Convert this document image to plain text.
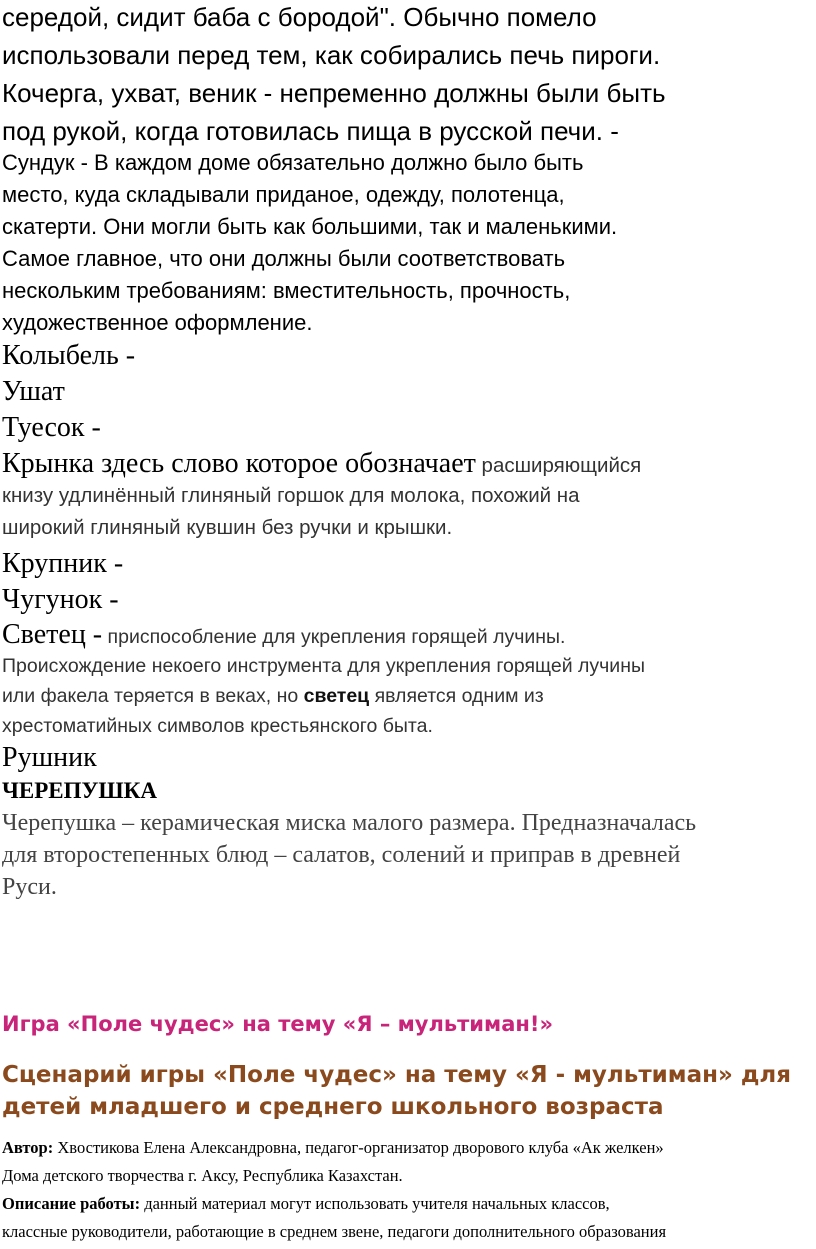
середой, сидит баба с бородой". Обычно помело

использовали перед тем, как собирались печь пироги.

Кочерга, ухват, веник - непременно должны были быть

под рукой, когда готовилась пища в русской печи. -

Сундук - В каждом доме обязательно должно было быть

место, куда складывали приданое, одежду, полотенца,

скатерти. Они могли быть как большими, так и маленькими.

Самое главное, что они должны были соответствовать

нескольким требованиям: вместительность, прочность,

художественное оформление.

Колыбель -

Ушат

Туесок -

Крынка здесь слово которое обозначает расширяющийся

книзу удлинённый глиняный горшок для молока, похожий на

широкий глиняный кувшин без ручки и крышки.

Крупник -

Чугунок -

Светец - приспособление для укрепления горящей лучины.

Происхождение некоего инструмента для укрепления горящей лучины

или факела теряется в веках, но светец является одним из

хрестоматийных символов крестьянского быта.

Рушник

ЧЕРЕПУШКА

Черепушка – керамическая миска малого размера. Предназначалась

для второстепенных блюд – салатов, солений и приправ в древней

Руси.

Игра «Поле чудес» на тему «Я – мультиман!»

Сценарий игры «Поле чудес» на тему «Я - мультиман» для

детей младшего и среднего школьного возраста

Автор: Хвостикова Елена Александровна, педагог-организатор дворового клуба «Ак желкен»

Дома детского творчества г. Аксу, Республика Казахстан.

Описание работы: данный материал могут использовать учителя начальных классов,

классные руководители, работающие в среднем звене, педагоги дополнительного образования
